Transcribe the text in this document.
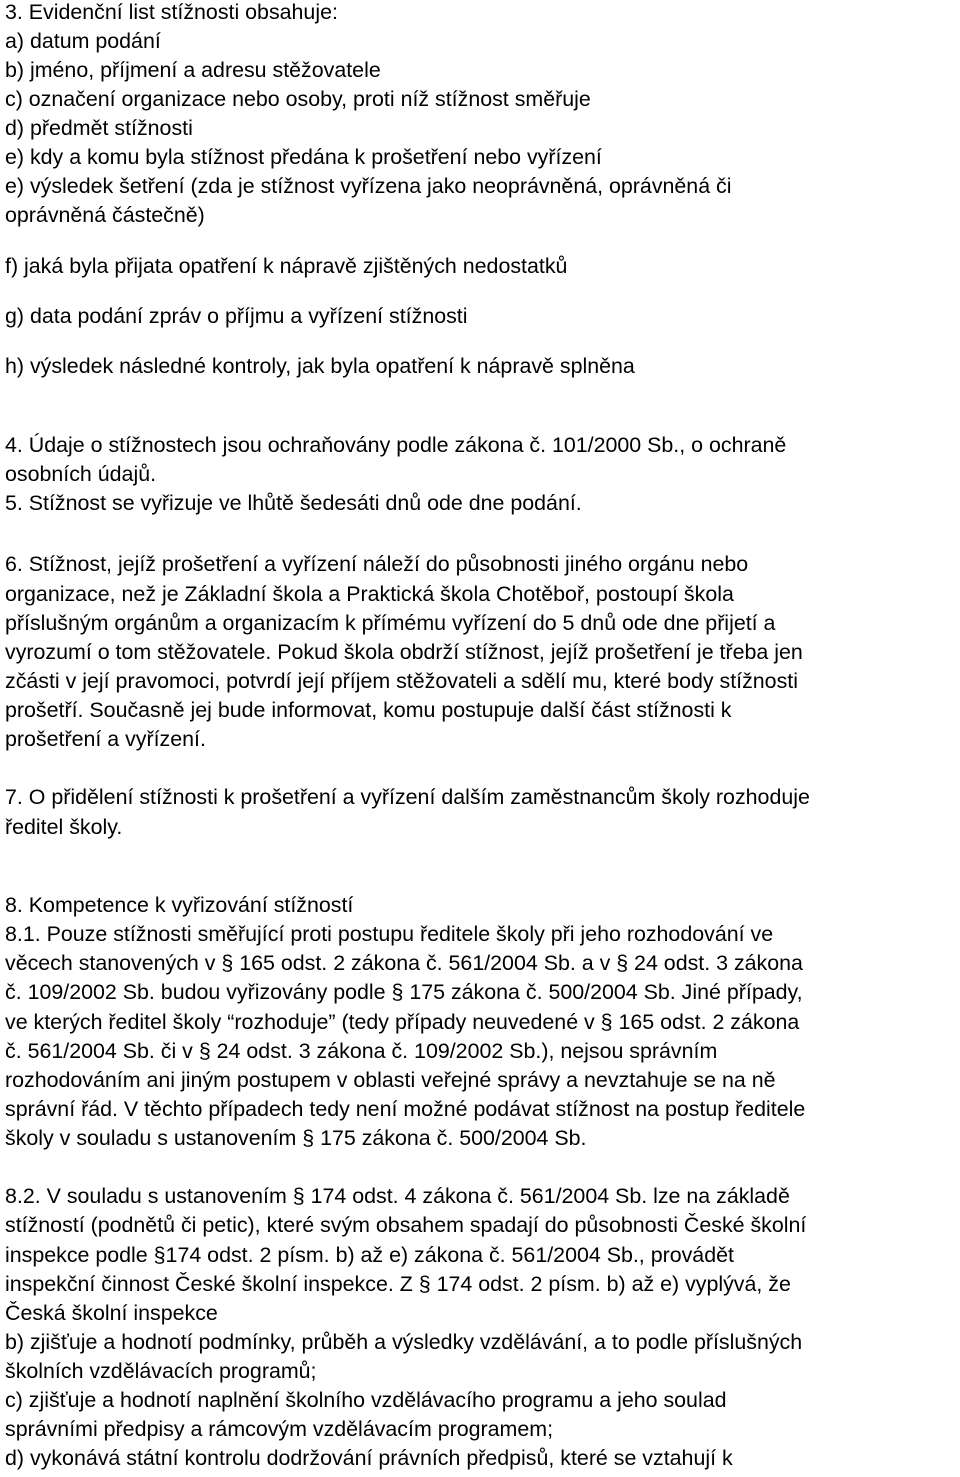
3. Evidenční list stížnosti obsahuje:
a) datum podání
b) jméno, příjmení a adresu stěžovatele
c) označení organizace nebo osoby, proti níž stížnost směřuje
d) předmět stížnosti
e) kdy a komu byla stížnost předána k prošetření nebo vyřízení
e) výsledek šetření (zda je stížnost vyřízena jako neoprávněná, oprávněná či
oprávněná částečně)
f) jaká byla přijata opatření k nápravě zjištěných nedostatků
g) data podání zpráv o příjmu a vyřízení stížnosti
h) výsledek následné kontroly, jak byla opatření k nápravě splněna
4. Údaje o stížnostech jsou ochraňovány podle zákona č. 101/2000 Sb., o ochraně
osobních údajů.
5. Stížnost se vyřizuje ve lhůtě šedesáti dnů ode dne podání.
6. Stížnost, jejíž prošetření a vyřízení náleží do působnosti jiného orgánu nebo
organizace, než je Základní škola a Praktická škola Chotěboř, postoupí škola
příslušným orgánům a organizacím k přímému vyřízení do 5 dnů ode dne přijetí a
vyrozumí o tom stěžovatele. Pokud škola obdrží stížnost, jejíž prošetření je třeba jen
zčásti v její pravomoci, potvrdí její příjem stěžovateli a sdělí mu, které body stížnosti
prošetří. Současně jej bude informovat, komu postupuje další část stížnosti k
prošetření a vyřízení.
7. O přidělení stížnosti k prošetření a vyřízení dalším zaměstnancům školy rozhoduje
ředitel školy.
8. Kompetence k vyřizování stížností
8.1. Pouze stížnosti směřující proti postupu ředitele školy při jeho rozhodování ve
věcech stanovených v § 165 odst. 2 zákona č. 561/2004 Sb. a v § 24 odst. 3 zákona
č. 109/2002 Sb. budou vyřizovány podle § 175 zákona č. 500/2004 Sb. Jiné případy,
ve kterých ředitel školy “rozhoduje” (tedy případy neuvedené v § 165 odst. 2 zákona
č. 561/2004 Sb. či v § 24 odst. 3 zákona č. 109/2002 Sb.), nejsou správním
rozhodováním ani jiným postupem v oblasti veřejné správy a nevztahuje se na ně
správní řád. V těchto případech tedy není možné podávat stížnost na postup ředitele
školy v souladu s ustanovením § 175 zákona č. 500/2004 Sb.
8.2. V souladu s ustanovením § 174 odst. 4 zákona č. 561/2004 Sb. lze na základě
stížností (podnětů či petic), které svým obsahem spadají do působnosti České školní
inspekce podle §174 odst. 2 písm. b) až e) zákona č. 561/2004 Sb., provádět
inspekční činnost České školní inspekce. Z § 174 odst. 2 písm. b) až e) vyplývá, že
Česká školní inspekce
b) zjišťuje a hodnotí podmínky, průběh a výsledky vzdělávání, a to podle příslušných
školních vzdělávacích programů;
c) zjišťuje a hodnotí naplnění školního vzdělávacího programu a jeho soulad
správními předpisy a rámcovým vzdělávacím programem;
d) vykonává státní kontrolu dodržování právních předpisů, které se vztahují k
